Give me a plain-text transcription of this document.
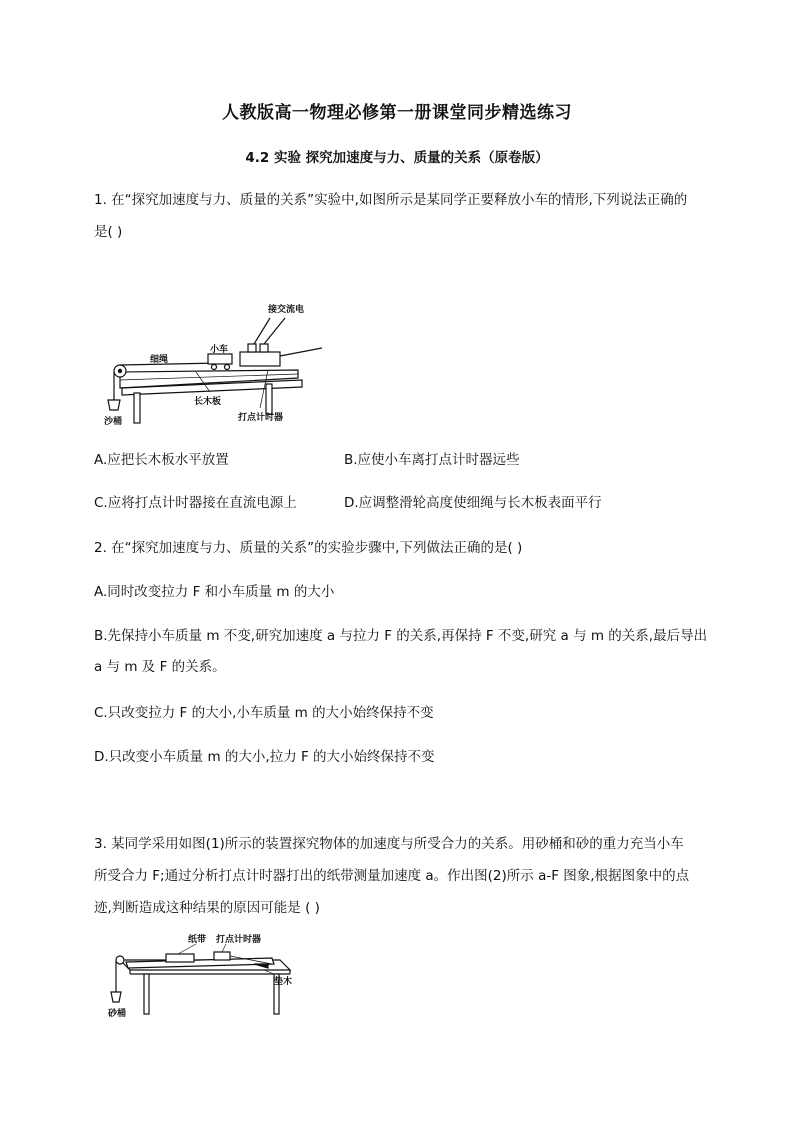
人教版高一物理必修第一册课堂同步精选练习
4.2 实验 探究加速度与力、质量的关系（原卷版）
1. 在“探究加速度与力、质量的关系”实验中,如图所示是某同学正要释放小车的情形,下列说法正确的
是( )
接交流电
小车
细绳
长木板
打点计时器
沙桶
A.应把长木板水平放置	B.应使小车离打点计时器远些
C.应将打点计时器接在直流电源上	D.应调整滑轮高度使细绳与长木板表面平行
2. 在“探究加速度与力、质量的关系”的实验步骤中,下列做法正确的是( )
A.同时改变拉力 F 和小车质量 m 的大小
B.先保持小车质量 m 不变,研究加速度 a 与拉力 F 的关系,再保持 F 不变,研究 a 与 m 的关系,最后导出
a 与 m 及 F 的关系。
C.只改变拉力 F 的大小,小车质量 m 的大小始终保持不变
D.只改变小车质量 m 的大小,拉力 F 的大小始终保持不变
3. 某同学采用如图(1)所示的装置探究物体的加速度与所受合力的关系。用砂桶和砂的重力充当小车
所受合力 F;通过分析打点计时器打出的纸带测量加速度 a。作出图(2)所示 a-F 图象,根据图象中的点
迹,判断造成这种结果的原因可能是 ( )
纸带 打点计时器
垫木
砂桶
